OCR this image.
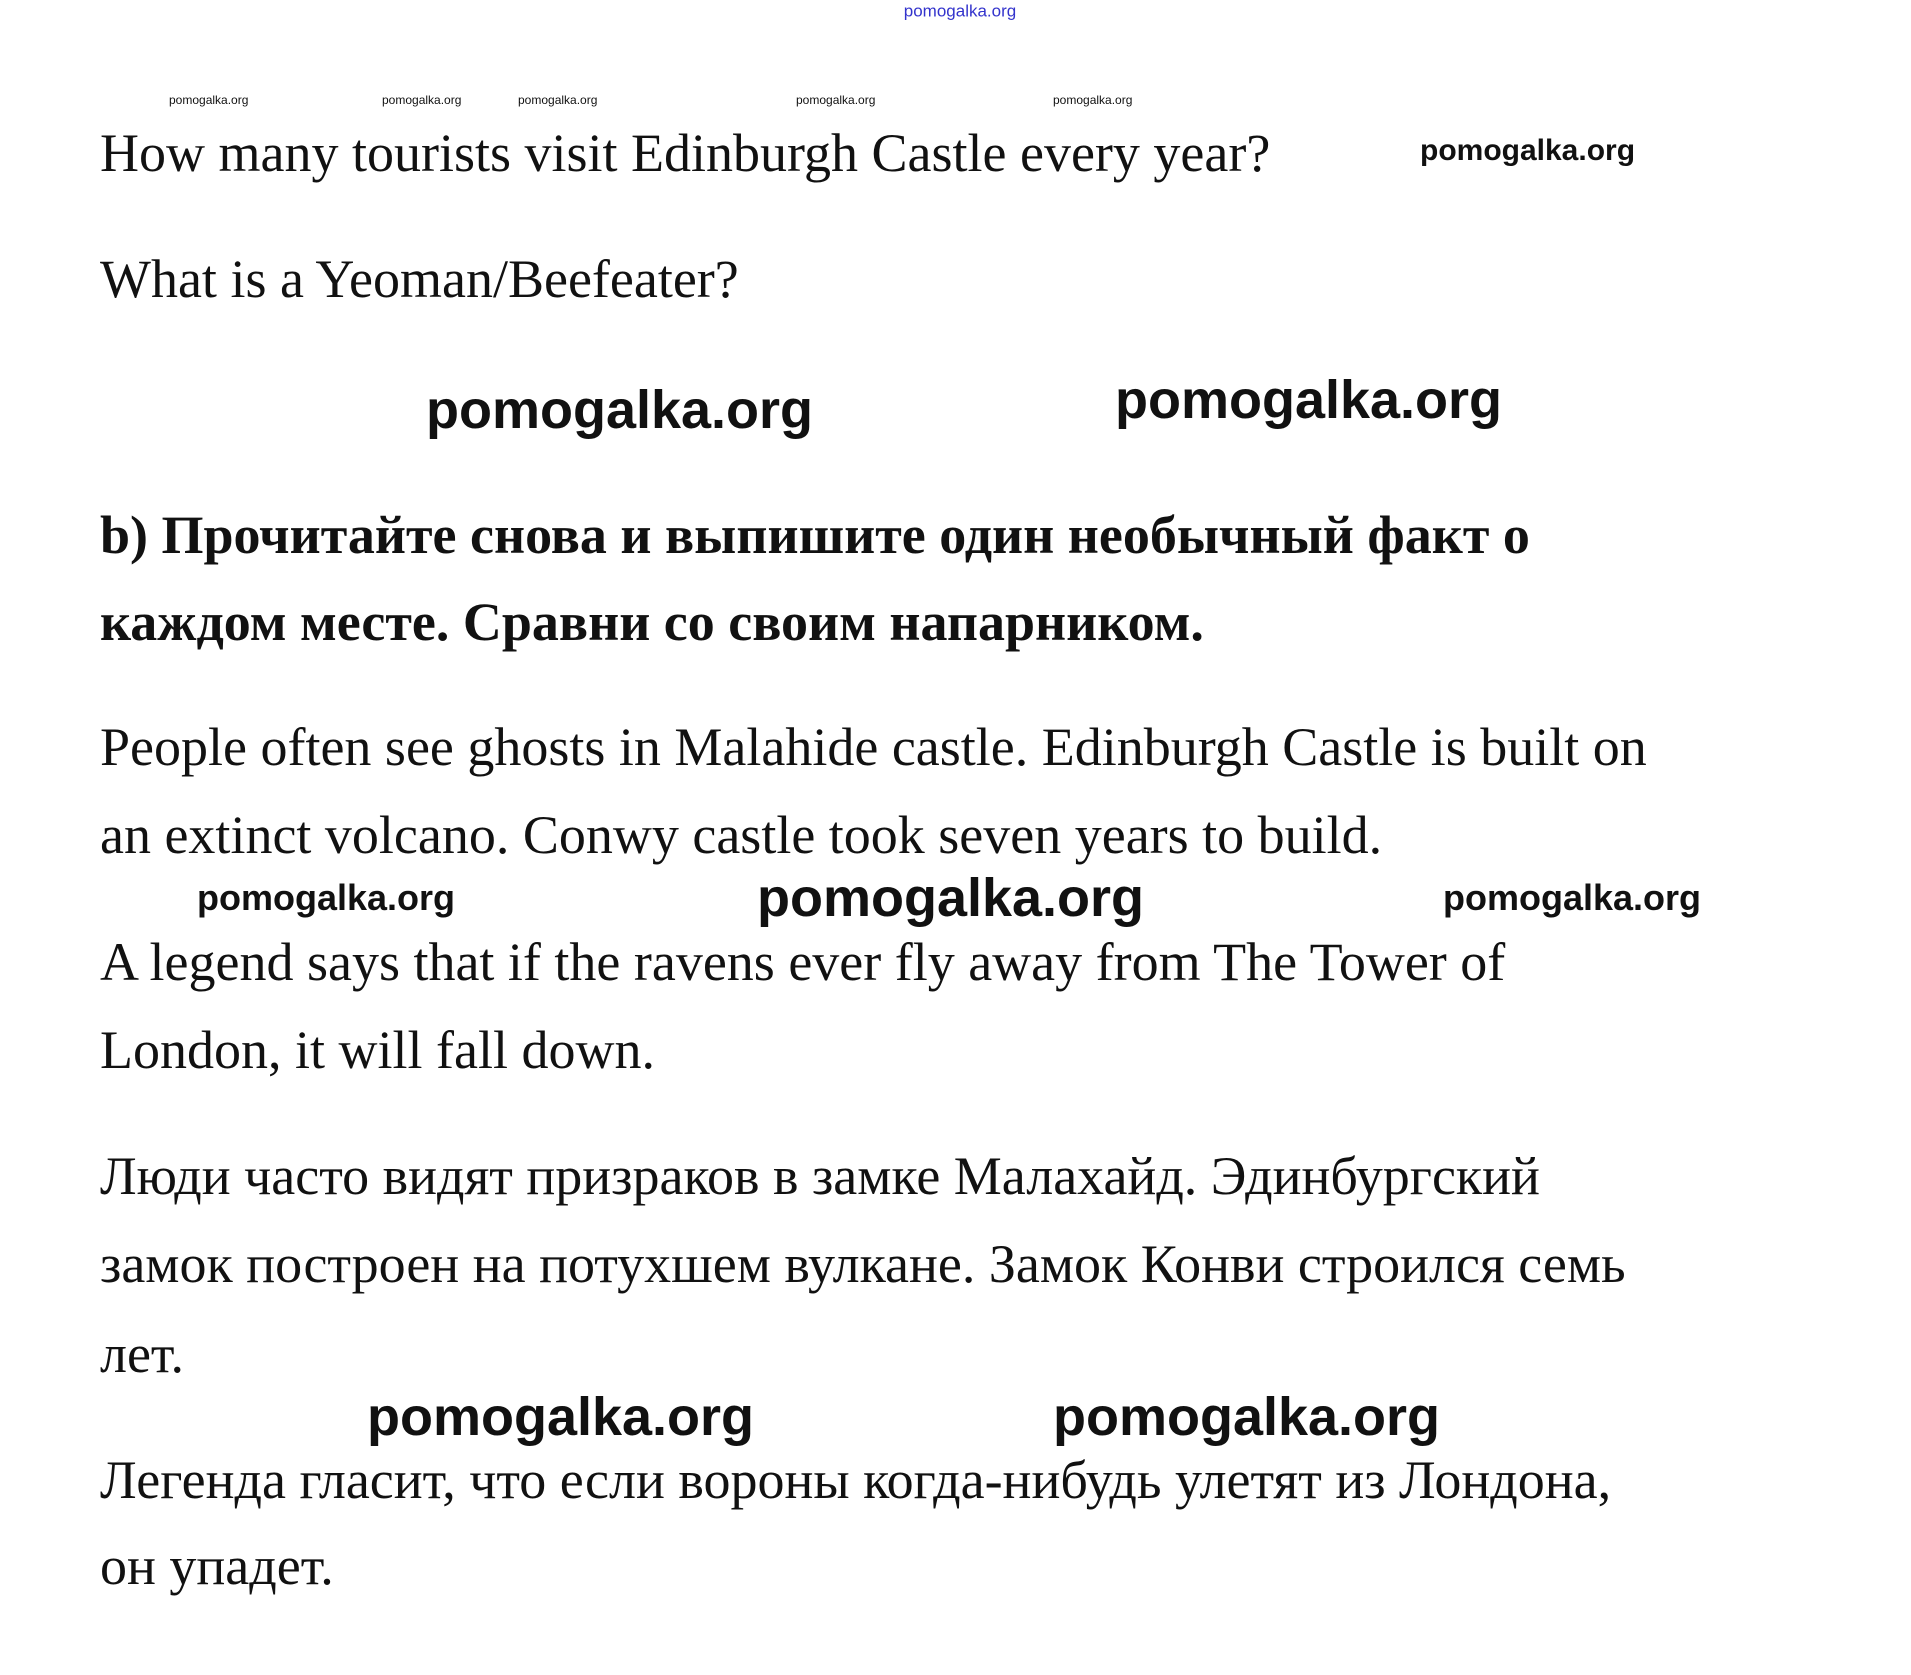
pomogalka.org
pomogalka.org	pomogalka.org	pomogalka.org	pomogalka.org	pomogalka.org
How many tourists visit Edinburgh Castle every year?	pomogalka.org
What is a Yeoman/Beefeater?
pomogalka.org	pomogalka.org
b) Прочитайте снова и выпишите один необычный факт о
каждом месте. Сравни со своим напарником.
People often see ghosts in Malahide castle. Edinburgh Castle is built on
an extinct volcano. Conwy castle took seven years to build.
pomogalka.org	pomogalka.org
pomogalka.org
A legend says that if the ravens ever fly away from The Tower of
London, it will fall down.
Люди часто видят призраков в замке Малахайд. Эдинбургский
замок построен на потухшем вулкане. Замок Конви строился семь
лет.
pomogalka.org	pomogalka.org
Легенда гласит, что если вороны когда-нибудь улетят из Лондона,
он упадет.
